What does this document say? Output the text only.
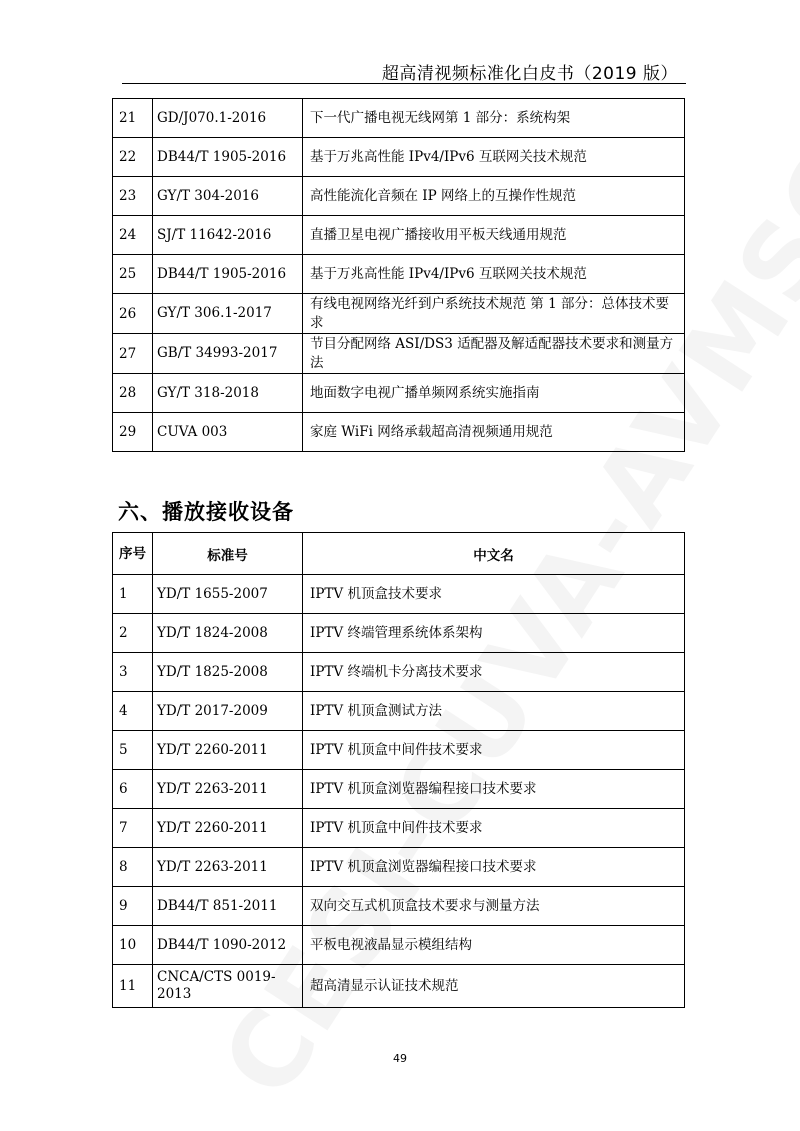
超高清视频标准化白皮书（2019 版）
21	GD/J070.1-2016	下一代广播电视无线网第 1 部分：系统构架
22	DB44/T 1905-2016	基于万兆高性能 IPv4/IPv6 互联网关技术规范
23	GY/T 304-2016	高性能流化音频在 IP 网络上的互操作性规范
24	SJ/T 11642-2016	直播卫星电视广播接收用平板天线通用规范
25	DB44/T 1905-2016	基于万兆高性能 IPv4/IPv6 互联网关技术规范
26	GY/T 306.1-2017	有线电视网络光纤到户系统技术规范 第 1 部分：总体技术要求
27	GB/T 34993-2017	节目分配网络 ASI/DS3 适配器及解适配器技术要求和测量方法
28	GY/T 318-2018	地面数字电视广播单频网系统实施指南
29	CUVA 003	家庭 WiFi 网络承载超高清视频通用规范
六、播放接收设备
序号	标准号	中文名
1	YD/T 1655-2007	IPTV 机顶盒技术要求
2	YD/T 1824-2008	IPTV 终端管理系统体系架构
3	YD/T 1825-2008	IPTV 终端机卡分离技术要求
4	YD/T 2017-2009	IPTV 机顶盒测试方法
5	YD/T 2260-2011	IPTV 机顶盒中间件技术要求
6	YD/T 2263-2011	IPTV 机顶盒浏览器编程接口技术要求
7	YD/T 2260-2011	IPTV 机顶盒中间件技术要求
8	YD/T 2263-2011	IPTV 机顶盒浏览器编程接口技术要求
9	DB44/T 851-2011	双向交互式机顶盒技术要求与测量方法
10	DB44/T 1090-2012	平板电视液晶显示模组结构
11	CNCA/CTS 0019-2013	超高清显示认证技术规范
49
